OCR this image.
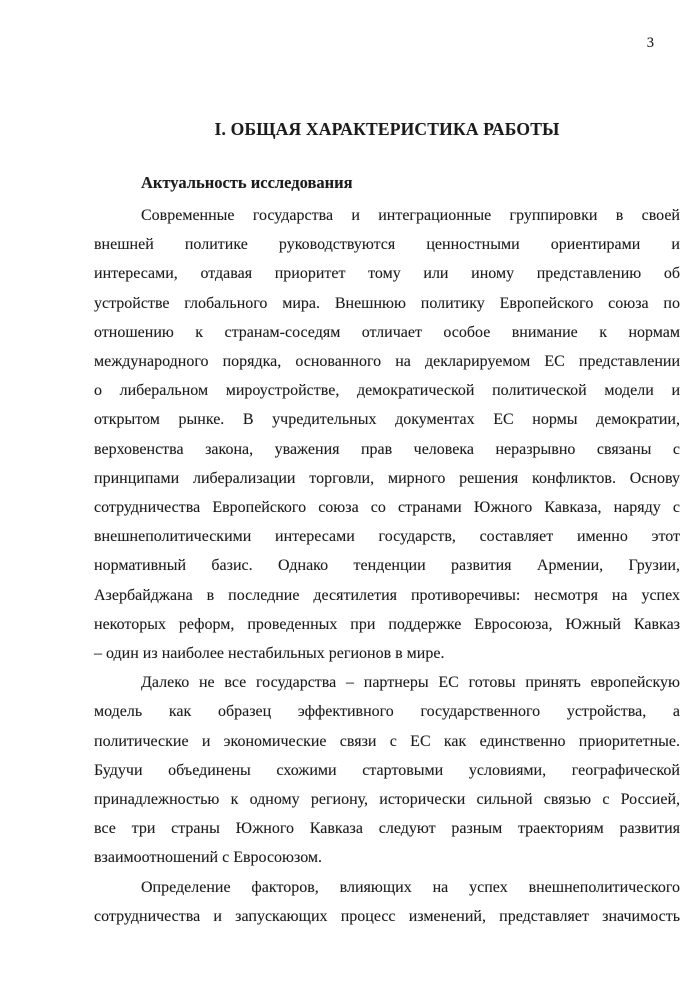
3
I. ОБЩАЯ ХАРАКТЕРИСТИКА РАБОТЫ
Актуальность исследования
Современные государства и интеграционные группировки в своей
внешней политике руководствуются ценностными ориентирами и
интересами, отдавая приоритет тому или иному представлению об
устройстве глобального мира. Внешнюю политику Европейского союза по
отношению к странам-соседям отличает особое внимание к нормам
международного порядка, основанного на декларируемом ЕС представлении
о либеральном мироустройстве, демократической политической модели и
открытом рынке. В учредительных документах ЕС нормы демократии,
верховенства закона, уважения прав человека неразрывно связаны с
принципами либерализации торговли, мирного решения конфликтов. Основу
сотрудничества Европейского союза со странами Южного Кавказа, наряду с
внешнеполитическими интересами государств, составляет именно этот
нормативный базис. Однако тенденции развития Армении, Грузии,
Азербайджана в последние десятилетия противоречивы: несмотря на успех
некоторых реформ, проведенных при поддержке Евросоюза, Южный Кавказ
– один из наиболее нестабильных регионов в мире.
Далеко не все государства – партнеры ЕС готовы принять европейскую
модель как образец эффективного государственного устройства, а
политические и экономические связи с ЕС как единственно приоритетные.
Будучи объединены схожими стартовыми условиями, географической
принадлежностью к одному региону, исторически сильной связью с Россией,
все три страны Южного Кавказа следуют разным траекториям развития
взаимоотношений с Евросоюзом.
Определение факторов, влияющих на успех внешнеполитического
сотрудничества и запускающих процесс изменений, представляет значимость
